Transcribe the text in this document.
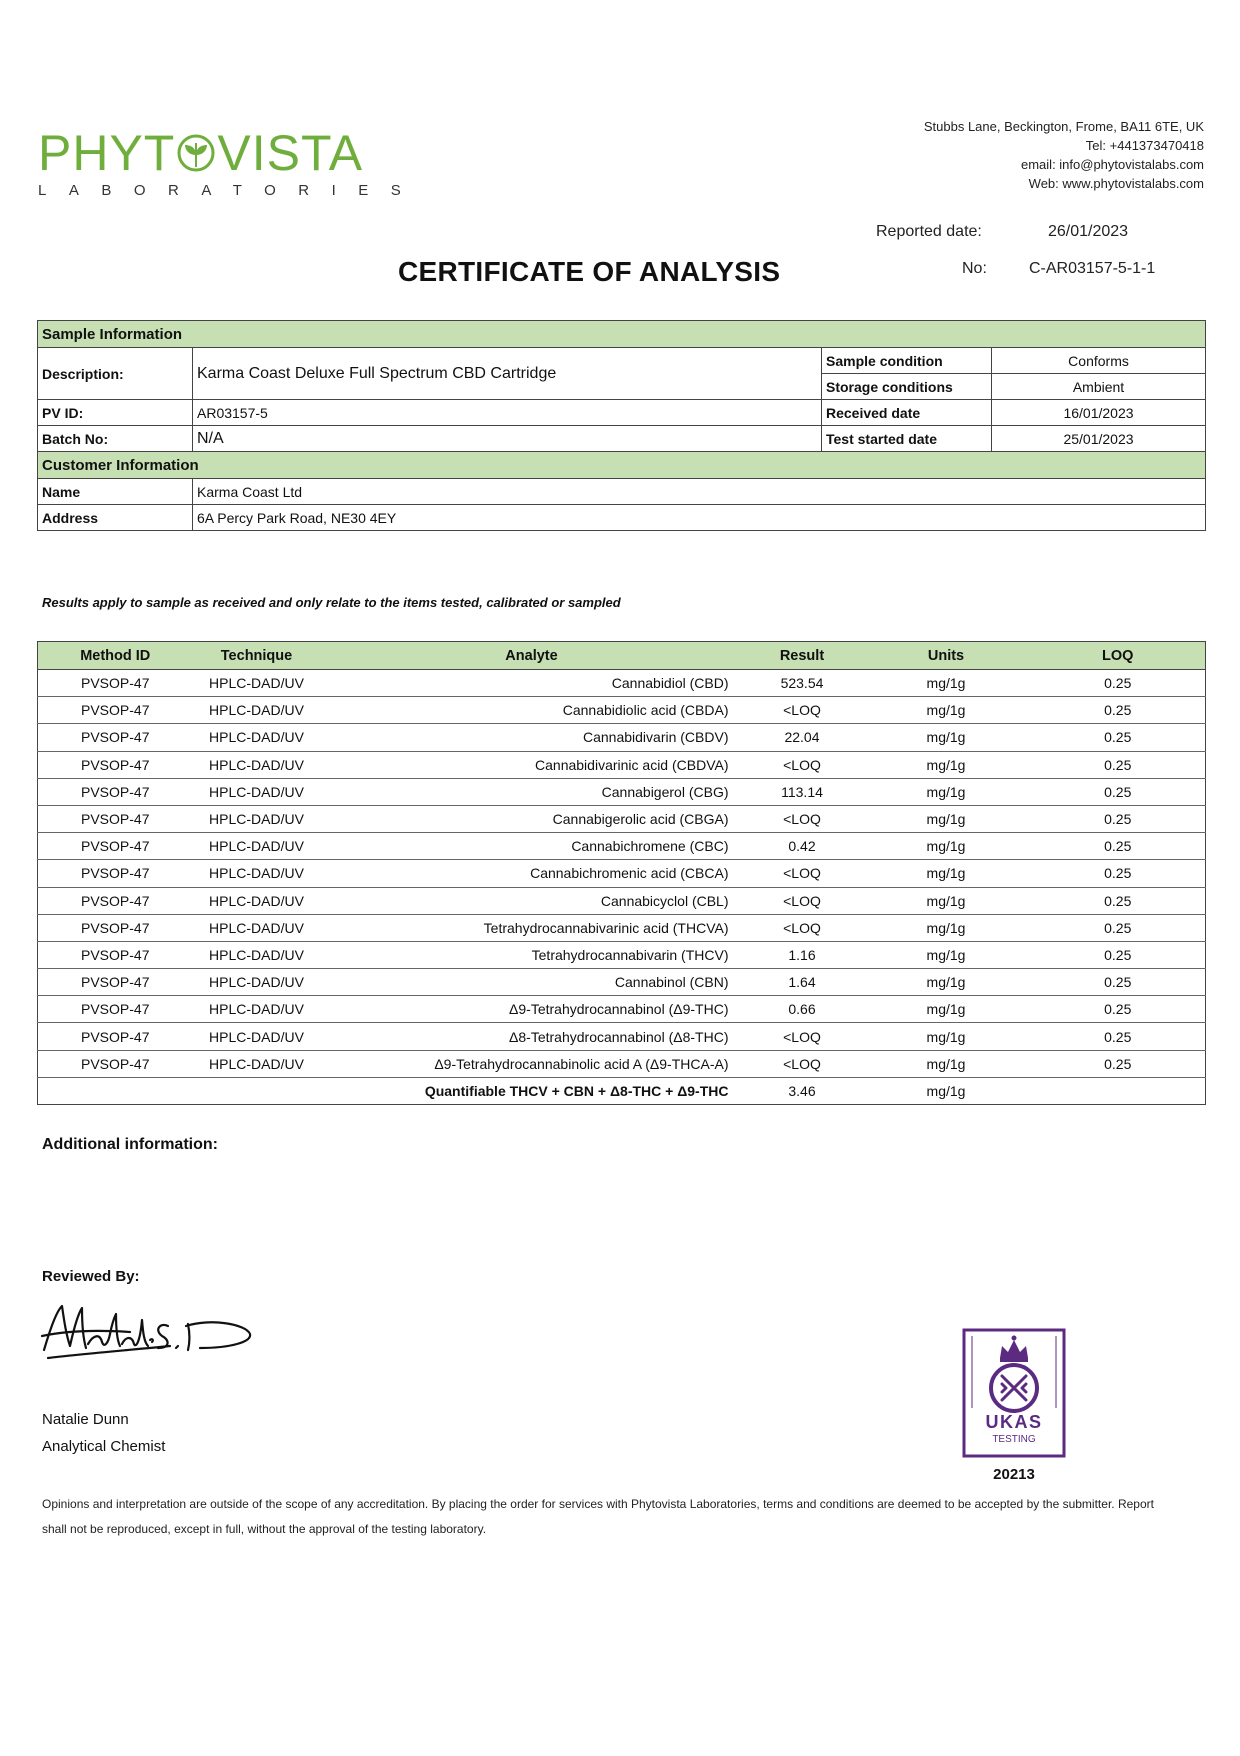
PHYT VISTA
LABORATORIES
Stubbs Lane, Beckington, Frome, BA11 6TE, UK
Tel: +441373470418
email: info@phytovistalabs.com
Web: www.phytovistalabs.com
Reported date:	26/01/2023
CERTIFICATE OF ANALYSIS	No:	C-AR03157-5-1-1
Sample Information			
Description:	Karma Coast Deluxe Full Spectrum CBD Cartridge	Sample condition	Conforms
		Storage conditions	Ambient
PV ID:	AR03157-5	Received date	16/01/2023
Batch No:	N/A	Test started date	25/01/2023
Customer Information			
Name	Karma Coast Ltd		
Address	6A Percy Park Road, NE30 4EY		
Results apply to sample as received and only relate to the items tested, calibrated or sampled
Method ID	Technique	Analyte	Result	Units	LOQ
PVSOP-47	HPLC-DAD/UV	Cannabidiol (CBD)	523.54	mg/1g	0.25
PVSOP-47	HPLC-DAD/UV	Cannabidiolic acid (CBDA)	<LOQ	mg/1g	0.25
PVSOP-47	HPLC-DAD/UV	Cannabidivarin (CBDV)	22.04	mg/1g	0.25
PVSOP-47	HPLC-DAD/UV	Cannabidivarinic acid (CBDVA)	<LOQ	mg/1g	0.25
PVSOP-47	HPLC-DAD/UV	Cannabigerol (CBG)	113.14	mg/1g	0.25
PVSOP-47	HPLC-DAD/UV	Cannabigerolic acid (CBGA)	<LOQ	mg/1g	0.25
PVSOP-47	HPLC-DAD/UV	Cannabichromene (CBC)	0.42	mg/1g	0.25
PVSOP-47	HPLC-DAD/UV	Cannabichromenic acid (CBCA)	<LOQ	mg/1g	0.25
PVSOP-47	HPLC-DAD/UV	Cannabicyclol (CBL)	<LOQ	mg/1g	0.25
PVSOP-47	HPLC-DAD/UV	Tetrahydrocannabivarinic acid (THCVA)	<LOQ	mg/1g	0.25
PVSOP-47	HPLC-DAD/UV	Tetrahydrocannabivarin (THCV)	1.16	mg/1g	0.25
PVSOP-47	HPLC-DAD/UV	Cannabinol (CBN)	1.64	mg/1g	0.25
PVSOP-47	HPLC-DAD/UV	Δ9-Tetrahydrocannabinol (Δ9-THC)	0.66	mg/1g	0.25
PVSOP-47	HPLC-DAD/UV	Δ8-Tetrahydrocannabinol (Δ8-THC)	<LOQ	mg/1g	0.25
PVSOP-47	HPLC-DAD/UV	Δ9-Tetrahydrocannabinolic acid A (Δ9-THCA-A)	<LOQ	mg/1g	0.25
		Quantifiable THCV + CBN + Δ8-THC + Δ9-THC	3.46	mg/1g	
Additional information:
Reviewed By:
Natalie Dunn
Analytical Chemist
UKAS
TESTING
20213
Opinions and interpretation are outside of the scope of any accreditation. By placing the order for services with Phytovista Laboratories, terms and conditions are deemed to be accepted by the submitter. Report shall not be reproduced, except in full, without the approval of the testing laboratory.
